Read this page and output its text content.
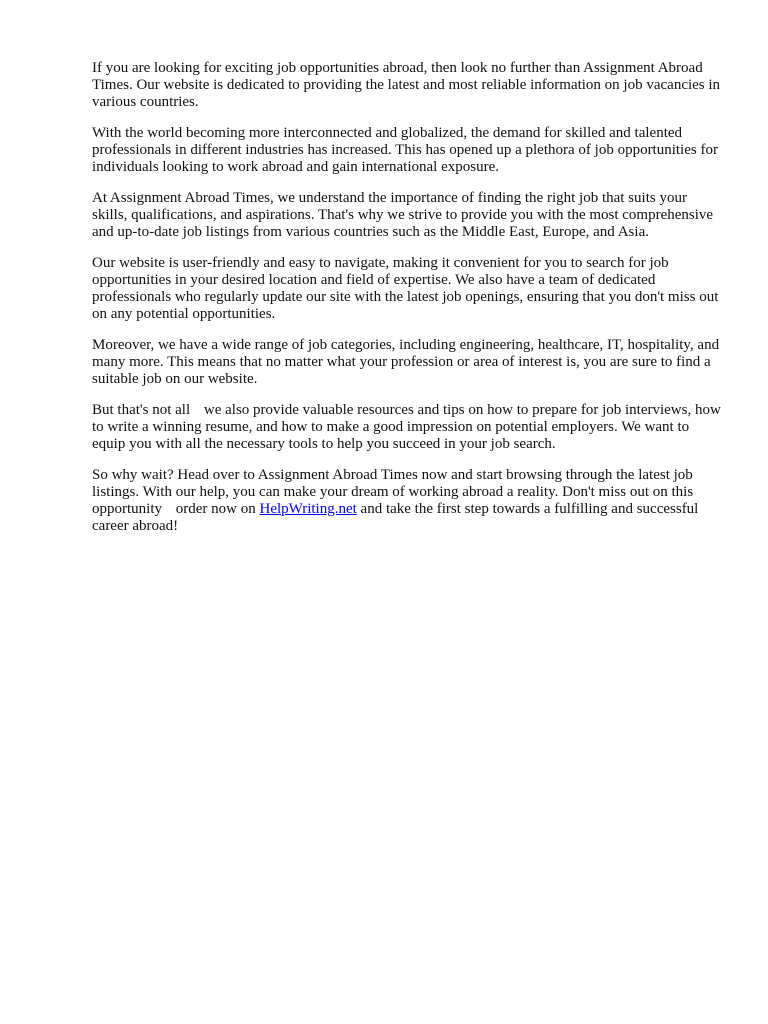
If you are looking for exciting job opportunities abroad, then look no further than Assignment Abroad Times. Our website is dedicated to providing the latest and most reliable information on job vacancies in various countries.

With the world becoming more interconnected and globalized, the demand for skilled and talented professionals in different industries has increased. This has opened up a plethora of job opportunities for individuals looking to work abroad and gain international exposure.

At Assignment Abroad Times, we understand the importance of finding the right job that suits your skills, qualifications, and aspirations. That's why we strive to provide you with the most comprehensive and up-to-date job listings from various countries such as the Middle East, Europe, and Asia.

Our website is user-friendly and easy to navigate, making it convenient for you to search for job opportunities in your desired location and field of expertise. We also have a team of dedicated professionals who regularly update our site with the latest job openings, ensuring that you don't miss out on any potential opportunities.

Moreover, we have a wide range of job categories, including engineering, healthcare, IT, hospitality, and many more. This means that no matter what your profession or area of interest is, you are sure to find a suitable job on our website.

But that's not all we also provide valuable resources and tips on how to prepare for job interviews, how to write a winning resume, and how to make a good impression on potential employers. We want to equip you with all the necessary tools to help you succeed in your job search.

So why wait? Head over to Assignment Abroad Times now and start browsing through the latest job listings. With our help, you can make your dream of working abroad a reality. Don't miss out on this opportunity order now on HelpWriting.net and take the first step towards a fulfilling and successful career abroad!
